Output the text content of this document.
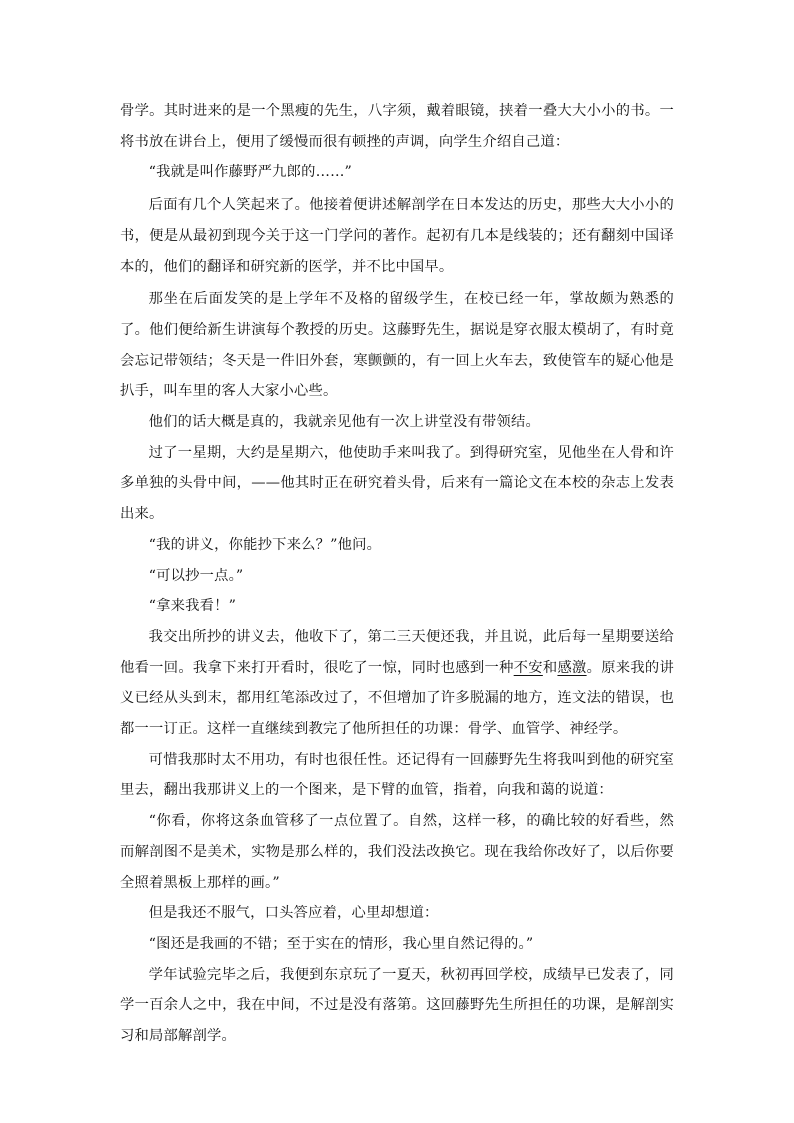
骨学。其时进来的是一个黑瘦的先生，八字须，戴着眼镜，挟着一叠大大小小的书。一将书放在讲台上，便用了缓慢而很有顿挫的声调，向学生介绍自己道：

“我就是叫作藤野严九郎的……”

后面有几个人笑起来了。他接着便讲述解剖学在日本发达的历史，那些大大小小的书，便是从最初到现今关于这一门学问的著作。起初有几本是线装的；还有翻刻中国译本的，他们的翻译和研究新的医学，并不比中国早。

那坐在后面发笑的是上学年不及格的留级学生，在校已经一年，掌故颇为熟悉的了。他们便给新生讲演每个教授的历史。这藤野先生，据说是穿衣服太模胡了，有时竟会忘记带领结；冬天是一件旧外套，寒颤颤的，有一回上火车去，致使管车的疑心他是扒手，叫车里的客人大家小心些。

他们的话大概是真的，我就亲见他有一次上讲堂没有带领结。

过了一星期，大约是星期六，他使助手来叫我了。到得研究室，见他坐在人骨和许多单独的头骨中间，——他其时正在研究着头骨，后来有一篇论文在本校的杂志上发表出来。

“我的讲义，你能抄下来么？”他问。

“可以抄一点。”

“拿来我看！”

我交出所抄的讲义去，他收下了，第二三天便还我，并且说，此后每一星期要送给他看一回。我拿下来打开看时，很吃了一惊，同时也感到一种不安和感激。原来我的讲义已经从头到末，都用红笔添改过了，不但增加了许多脱漏的地方，连文法的错误，也都一一订正。这样一直继续到教完了他所担任的功课：骨学、血管学、神经学。

可惜我那时太不用功，有时也很任性。还记得有一回藤野先生将我叫到他的研究室里去，翻出我那讲义上的一个图来，是下臂的血管，指着，向我和蔼的说道：

“你看，你将这条血管移了一点位置了。自然，这样一移，的确比较的好看些，然而解剖图不是美术，实物是那么样的，我们没法改换它。现在我给你改好了，以后你要全照着黑板上那样的画。”

但是我还不服气，口头答应着，心里却想道：

“图还是我画的不错；至于实在的情形，我心里自然记得的。”

学年试验完毕之后，我便到东京玩了一夏天，秋初再回学校，成绩早已发表了，同学一百余人之中，我在中间，不过是没有落第。这回藤野先生所担任的功课，是解剖实习和局部解剖学。
